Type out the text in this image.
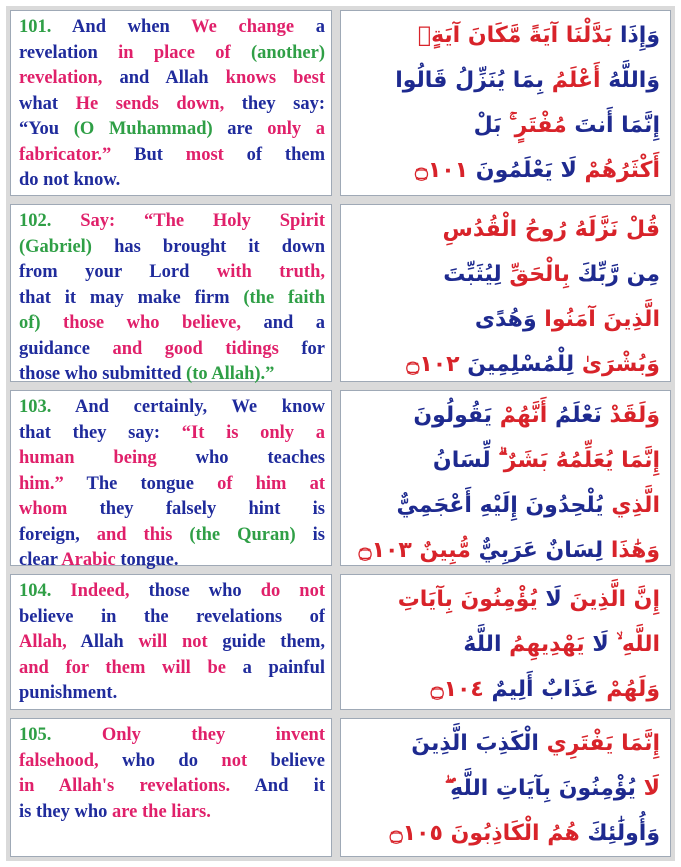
101. And when We change a
revelation in place of (another)
revelation, and Allah knows best
what He sends down, they say:
“You (O Muhammad) are only a
fabricator.” But most of them
do not know.
وَإِذَا بَدَّلْنَا آيَةً مَّكَانَ آيَةٍ
وَاللَّهُ أَعْلَمُ بِمَا يُنَزِّلُ قَالُوا
إِنَّمَا أَنتَ مُفْتَرٍ ۚ بَلْ
أَكْثَرُهُمْ لَا يَعْلَمُونَ ۝١٠١
102. Say: “The Holy Spirit
(Gabriel) has brought it down
from your Lord with truth,
that it may make firm (the faith
of) those who believe, and a
guidance and good tidings for
those who submitted (to Allah).”
قُلْ نَزَّلَهُ رُوحُ الْقُدُسِ
مِن رَّبِّكَ بِالْحَقِّ لِيُثَبِّتَ
الَّذِينَ آمَنُوا وَهُدًى
وَبُشْرَىٰ لِلْمُسْلِمِينَ ۝١٠٢
103. And certainly, We know
that they say: “It is only a
human being who teaches
him.” The tongue of him at
whom they falsely hint is
foreign, and this (the Quran) is
clear Arabic tongue.
وَلَقَدْ نَعْلَمُ أَنَّهُمْ يَقُولُونَ
إِنَّمَا يُعَلِّمُهُ بَشَرٌ ۗ لِّسَانُ
الَّذِي يُلْحِدُونَ إِلَيْهِ أَعْجَمِيٌّ
وَهَٰذَا لِسَانٌ عَرَبِيٌّ مُّبِينٌ ۝١٠٣
104. Indeed, those who do not
believe in the revelations of
Allah, Allah will not guide them,
and for them will be a painful
punishment.
إِنَّ الَّذِينَ لَا يُؤْمِنُونَ بِآيَاتِ
اللَّهِ ۙ لَا يَهْدِيهِمُ اللَّهُ
وَلَهُمْ عَذَابٌ أَلِيمٌ ۝١٠٤
105. Only they invent
falsehood, who do not believe
in Allah's revelations. And it
is they who are the liars.
إِنَّمَا يَفْتَرِي الْكَذِبَ الَّذِينَ
لَا يُؤْمِنُونَ بِآيَاتِ اللَّهِ ۖ
وَأُولَٰئِكَ هُمُ الْكَاذِبُونَ ۝١٠٥
